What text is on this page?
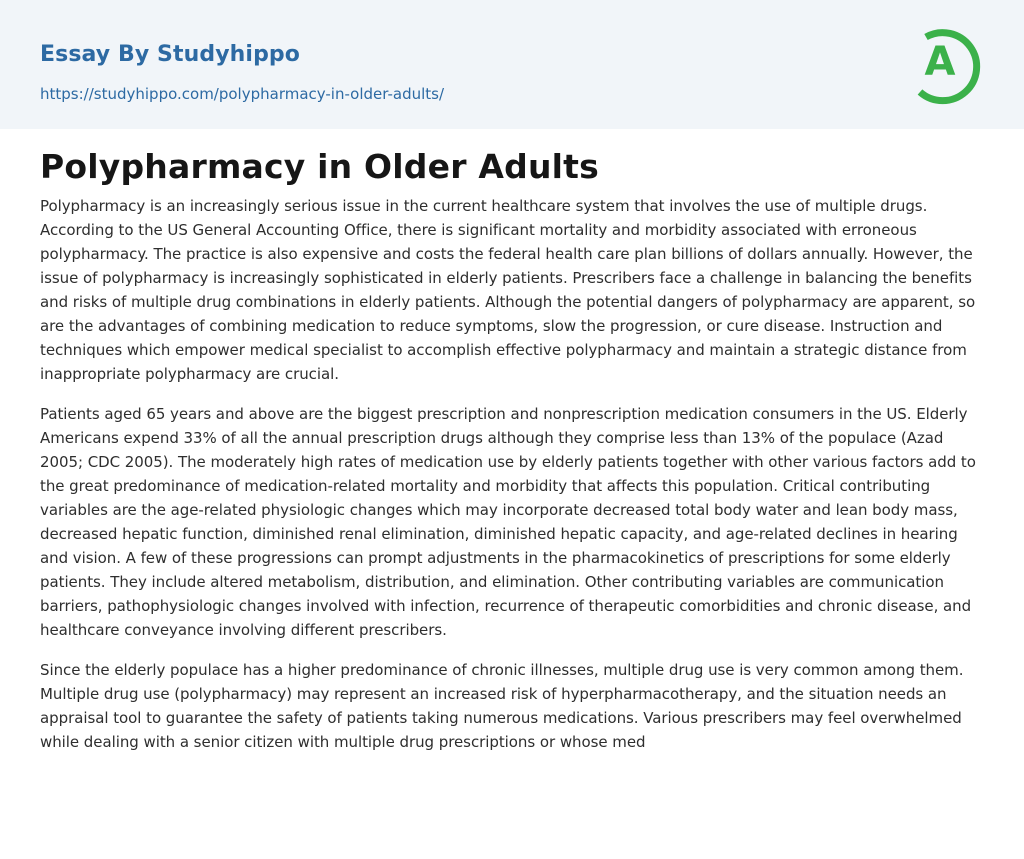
Essay By Studyhippo
https://studyhippo.com/polypharmacy-in-older-adults/
A
Polypharmacy in Older Adults

Polypharmacy is an increasingly serious issue in the current healthcare system that involves the use of multiple drugs. According to the US General Accounting Office, there is significant mortality and morbidity associated with erroneous polypharmacy. The practice is also expensive and costs the federal health care plan billions of dollars annually. However, the issue of polypharmacy is increasingly sophisticated in elderly patients. Prescribers face a challenge in balancing the benefits and risks of multiple drug combinations in elderly patients. Although the potential dangers of polypharmacy are apparent, so are the advantages of combining medication to reduce symptoms, slow the progression, or cure disease. Instruction and techniques which empower medical specialist to accomplish effective polypharmacy and maintain a strategic distance from inappropriate polypharmacy are crucial.

Patients aged 65 years and above are the biggest prescription and nonprescription medication consumers in the US. Elderly Americans expend 33% of all the annual prescription drugs although they comprise less than 13% of the populace (Azad 2005; CDC 2005). The moderately high rates of medication use by elderly patients together with other various factors add to the great predominance of medication-related mortality and morbidity that affects this population. Critical contributing variables are the age-related physiologic changes which may incorporate decreased total body water and lean body mass, decreased hepatic function, diminished renal elimination, diminished hepatic capacity, and age-related declines in hearing and vision. A few of these progressions can prompt adjustments in the pharmacokinetics of prescriptions for some elderly patients. They include altered metabolism, distribution, and elimination. Other contributing variables are communication barriers, pathophysiologic changes involved with infection, recurrence of therapeutic comorbidities and chronic disease, and healthcare conveyance involving different prescribers.

Since the elderly populace has a higher predominance of chronic illnesses, multiple drug use is very common among them. Multiple drug use (polypharmacy) may represent an increased risk of hyperpharmacotherapy, and the situation needs an appraisal tool to guarantee the safety of patients taking numerous medications. Various prescribers may feel overwhelmed while dealing with a senior citizen with multiple drug prescriptions or whose med
